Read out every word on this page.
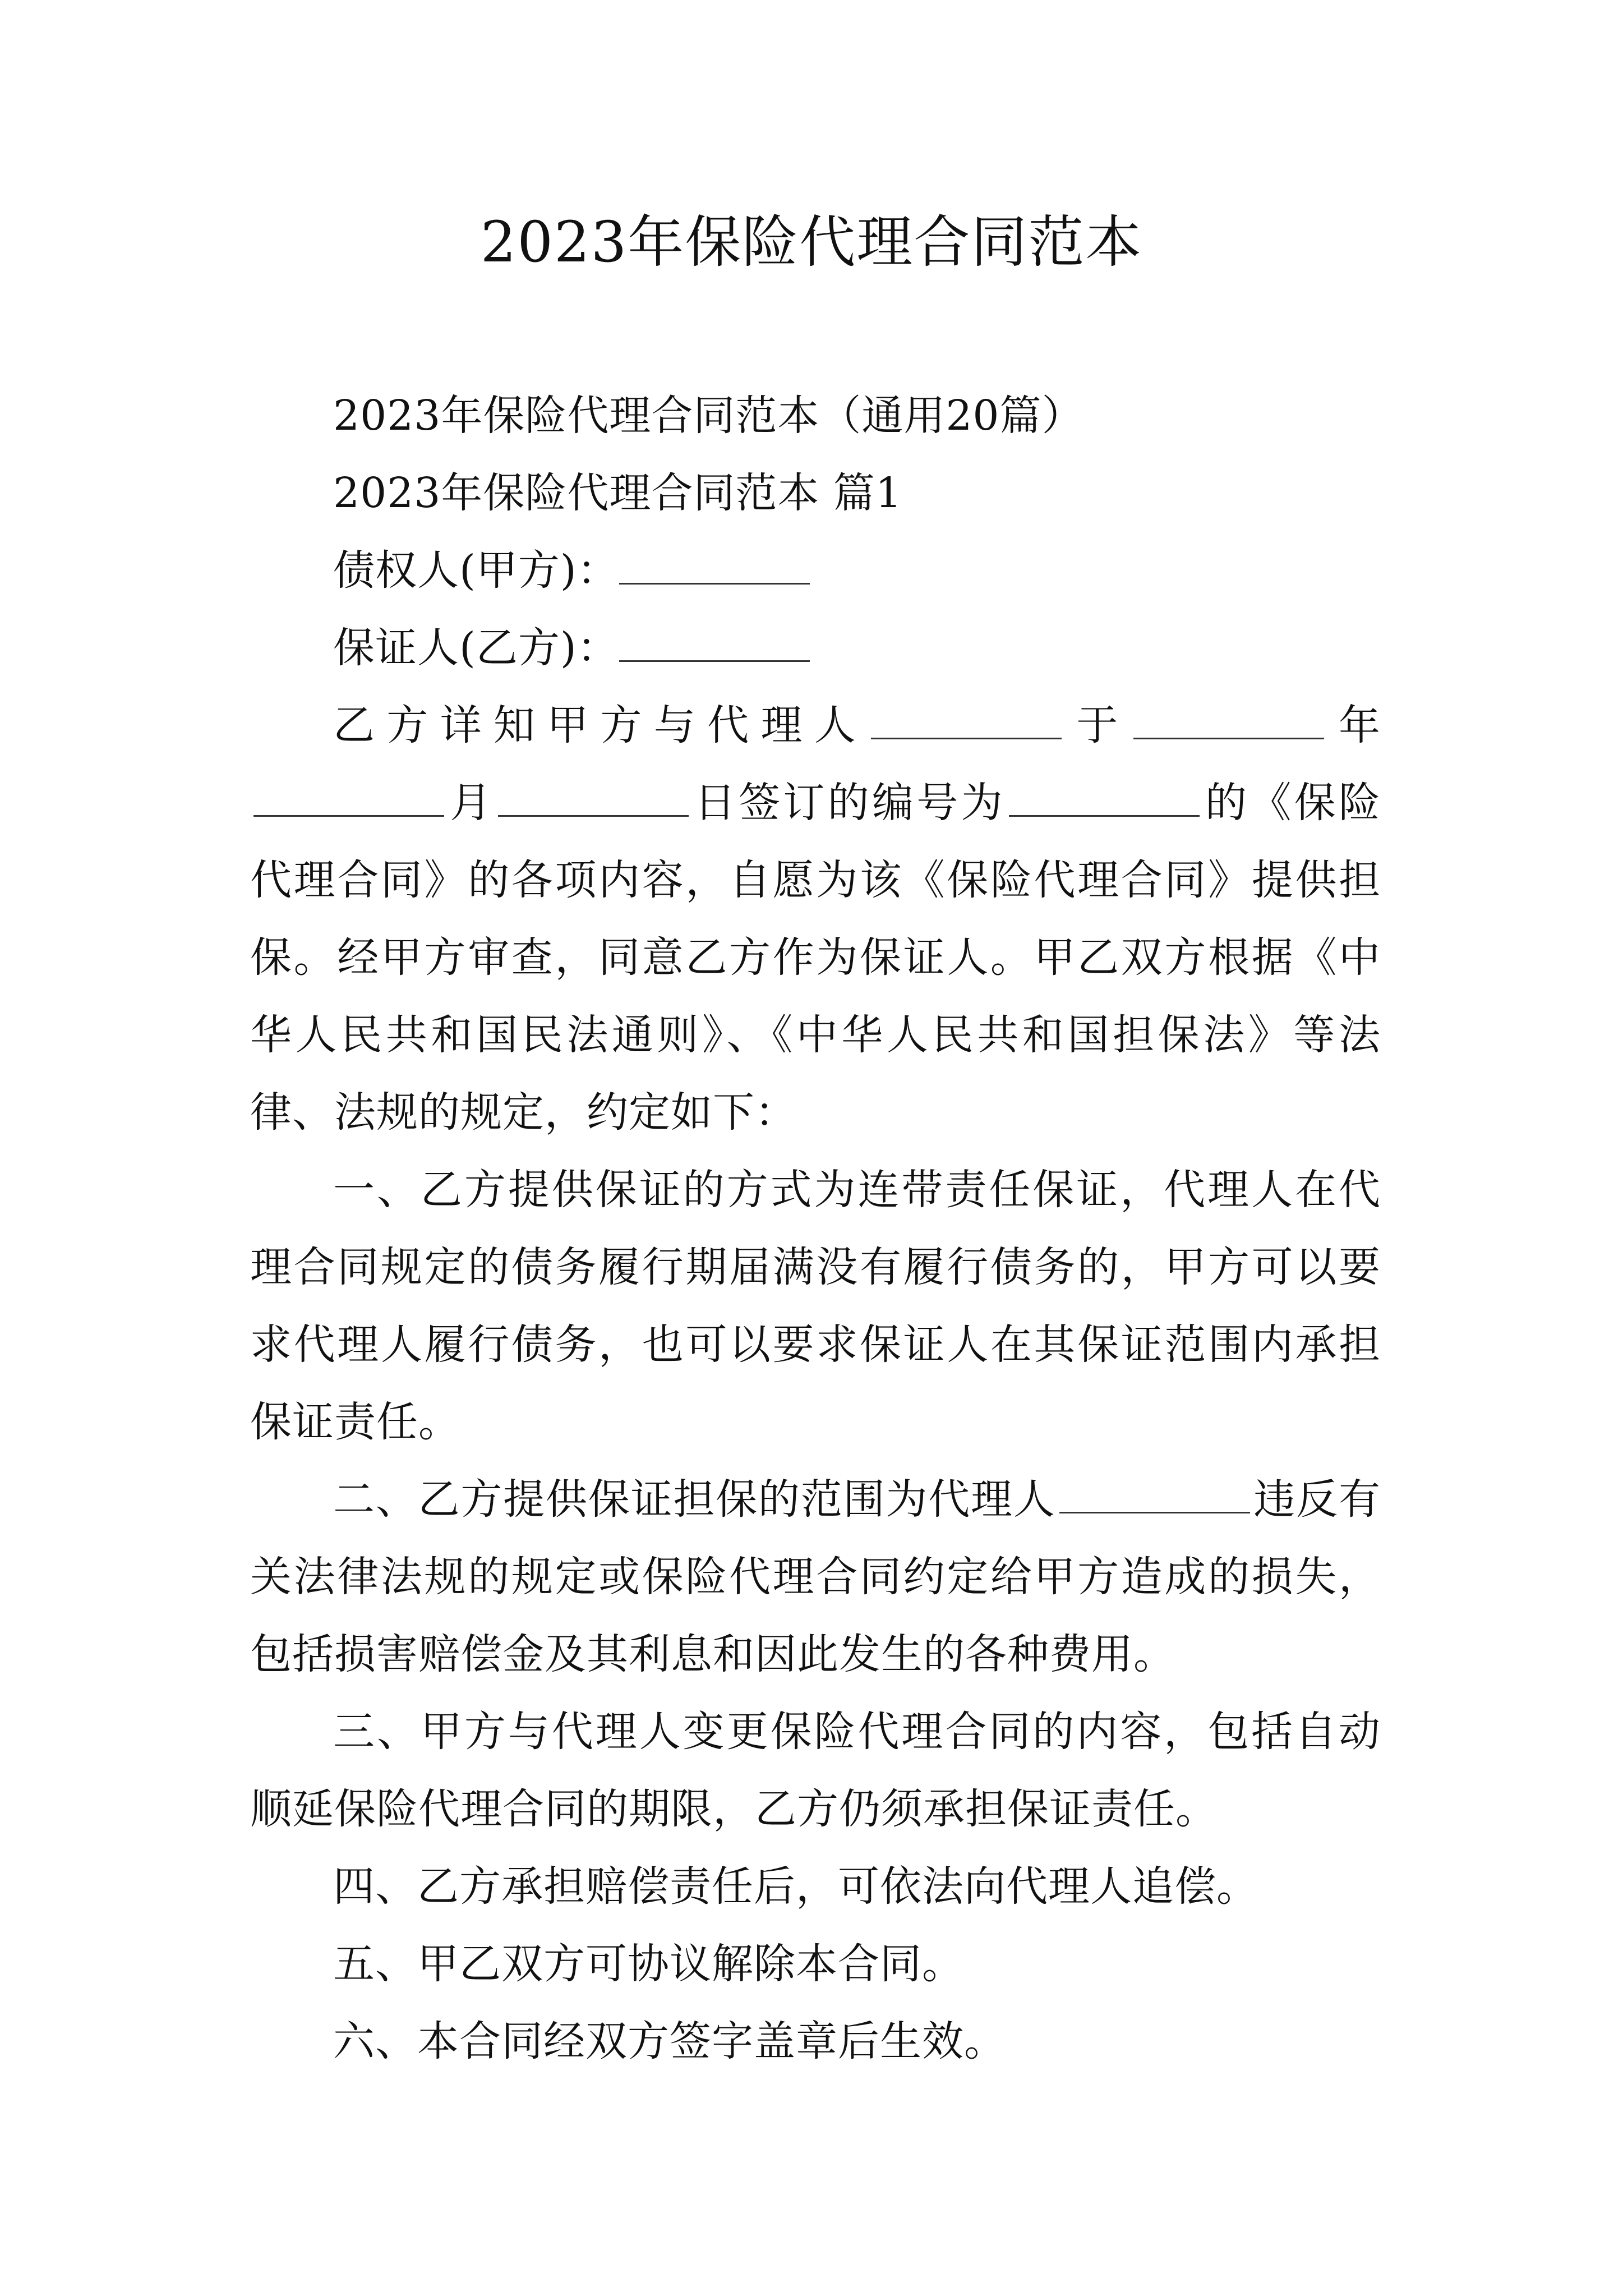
2023年保险代理合同范本

2023年保险代理合同范本（通用20篇）

2023年保险代理合同范本 篇1

债权人(甲方)：

保证人(乙方)：

乙方详知甲方与代理人	于	年月	日签订的编号为	的《保险代理合同》的各项内容，自愿为该《保险代理合同》提供担保。经甲方审查，同意乙方作为保证人。甲乙双方根据《中华人民共和国民法通则》、《中华人民共和国担保法》等法律、法规的规定，约定如下：

一、乙方提供保证的方式为连带责任保证，代理人在代理合同规定的债务履行期届满没有履行债务的，甲方可以要求代理人履行债务，也可以要求保证人在其保证范围内承担保证责任。

二、乙方提供保证担保的范围为代理人	违反有关法律法规的规定或保险代理合同约定给甲方造成的损失，包括损害赔偿金及其利息和因此发生的各种费用。

三、甲方与代理人变更保险代理合同的内容，包括自动顺延保险代理合同的期限，乙方仍须承担保证责任。

四、乙方承担赔偿责任后，可依法向代理人追偿。

五、甲乙双方可协议解除本合同。

六、本合同经双方签字盖章后生效。
